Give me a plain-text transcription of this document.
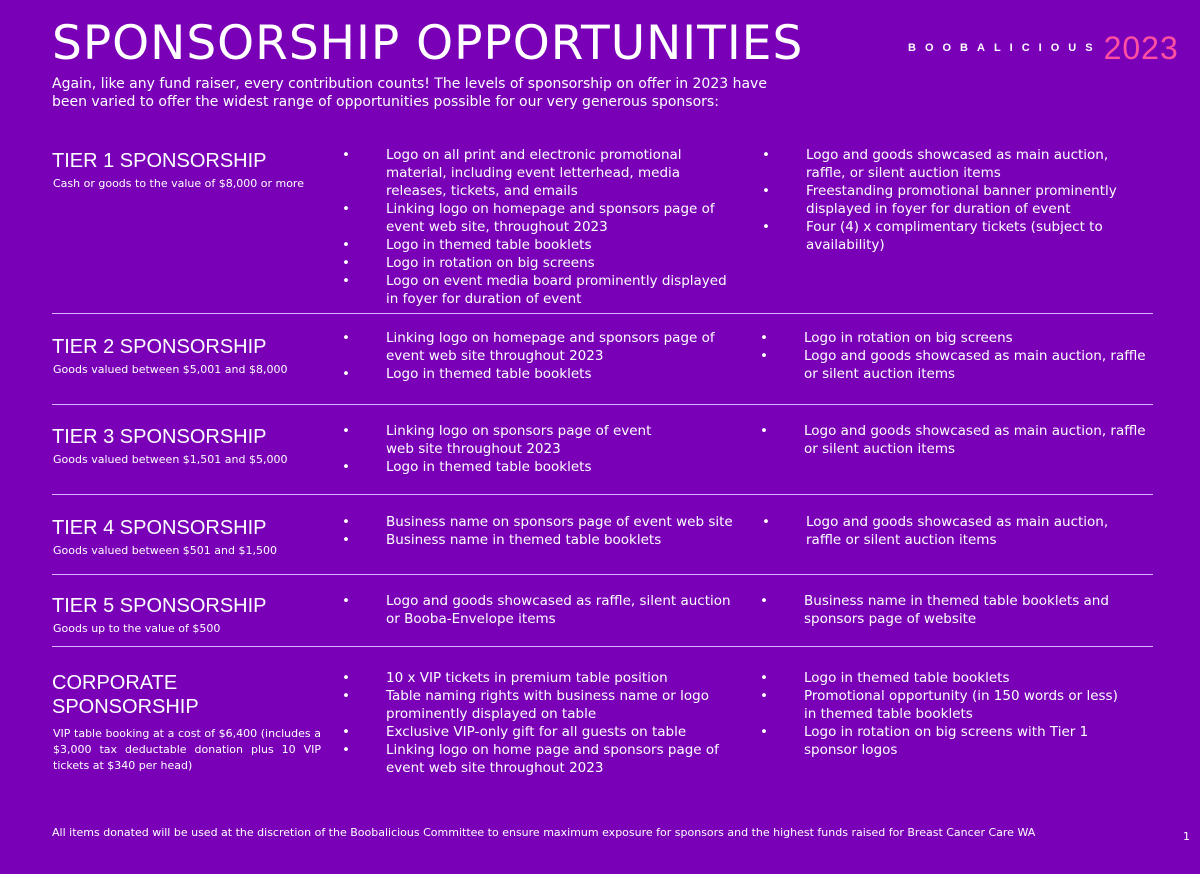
SPONSORSHIP OPPORTUNITIES	BOOBALICIOUS 2023
Again, like any fund raiser, every contribution counts! The levels of sponsorship on offer in 2023 have been varied to offer the widest range of opportunities possible for our very generous sponsors:
TIER 1 SPONSORSHIP
Cash or goods to the value of $8,000 or more
•	Logo on all print and electronic promotional material, including event letterhead, media releases, tickets, and emails
•	Linking logo on homepage and sponsors page of event web site, throughout 2023
•	Logo in themed table booklets
•	Logo in rotation on big screens
•	Logo on event media board prominently displayed in foyer for duration of event
•	Logo and goods showcased as main auction, raffle, or silent auction items
•	Freestanding promotional banner prominently displayed in foyer for duration of event
•	Four (4) x complimentary tickets (subject to availability)
TIER 2 SPONSORSHIP
Goods valued between $5,001 and $8,000
•	Linking logo on homepage and sponsors page of event web site throughout 2023
•	Logo in themed table booklets
•	Logo in rotation on big screens
•	Logo and goods showcased as main auction, raffle or silent auction items
TIER 3 SPONSORSHIP
Goods valued between $1,501 and $5,000
•	Linking logo on sponsors page of event web site throughout 2023
•	Logo in themed table booklets
•	Logo and goods showcased as main auction, raffle or silent auction items
TIER 4 SPONSORSHIP
Goods valued between $501 and $1,500
•	Business name on sponsors page of event web site
•	Business name in themed table booklets
•	Logo and goods showcased as main auction, raffle or silent auction items
TIER 5 SPONSORSHIP
Goods up to the value of $500
•	Logo and goods showcased as raffle, silent auction or Booba-Envelope items
•	Business name in themed table booklets and sponsors page of website
CORPORATE SPONSORSHIP
VIP table booking at a cost of $6,400 (includes a $3,000 tax deductable donation plus 10 VIP tickets at $340 per head)
•	10 x VIP tickets in premium table position
•	Table naming rights with business name or logo prominently displayed on table
•	Exclusive VIP-only gift for all guests on table
•	Linking logo on home page and sponsors page of event web site throughout 2023
•	Logo in themed table booklets
•	Promotional opportunity (in 150 words or less) in themed table booklets
•	Logo in rotation on big screens with Tier 1 sponsor logos
All items donated will be used at the discretion of the Boobalicious Committee to ensure maximum exposure for sponsors and the highest funds raised for Breast Cancer Care WA	1
